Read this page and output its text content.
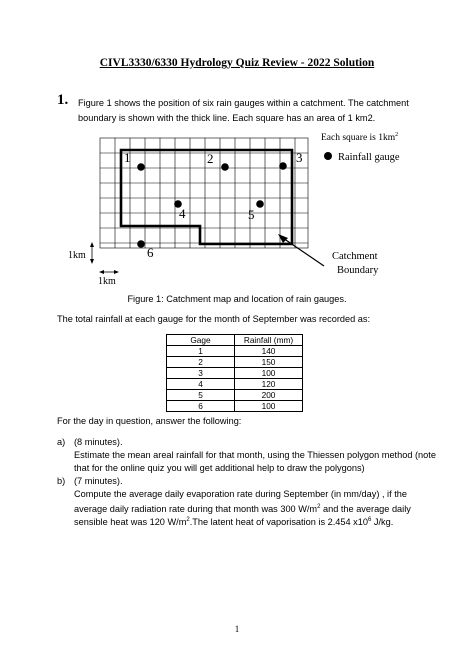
CIVL3330/6330 Hydrology Quiz Review - 2022 Solution
1. Figure 1 shows the position of six rain gauges within a catchment. The catchment boundary is shown with the thick line. Each square has an area of 1 km2.
1	2	3
4	5
6
Each square is $1km^2$
Rainfall gauge
Catchment
Boundary
1km
1km
Figure 1: Catchment map and location of rain gauges.
The total rainfall at each gauge for the month of September was recorded as:
Gage	Rainfall (mm)
1	140
2	150
3	100
4	120
5	200
6	100
For the day in question, answer the following:
a) (8 minutes).
Estimate the mean areal rainfall for that month, using the Thiessen polygon method (note
that for the online quiz you will get additional help to draw the polygons)
b) (7 minutes).
Compute the average daily evaporation rate during September (in mm/day) , if the
average daily radiation rate during that month was 300 $W/m^2$ and the average daily
sensible heat was 120 $W/m^2.The$ latent heat of vaporisation is 2.454 $x10^6$ J/kg.
1
